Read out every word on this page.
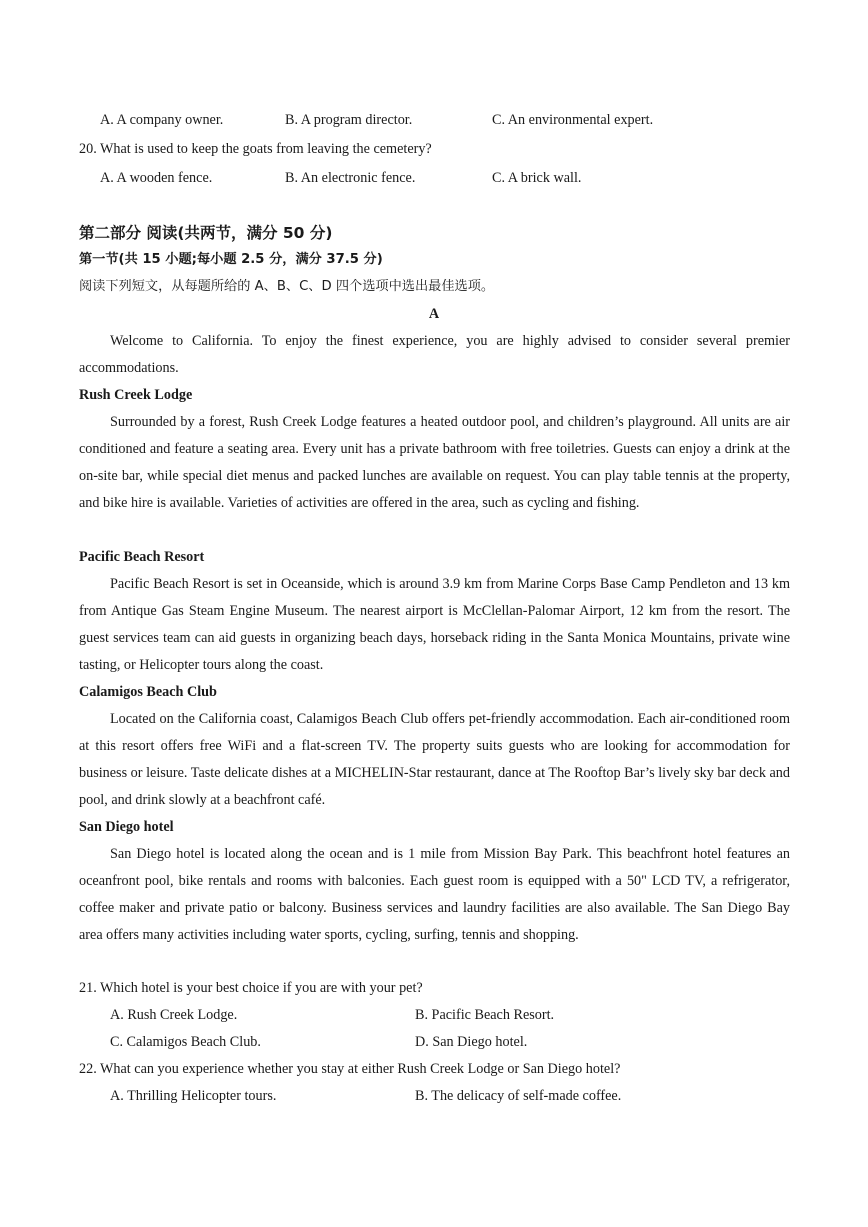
A. A company owner.	B. A program director.	C. An environmental expert.
20. What is used to keep the goats from leaving the cemetery?
A. A wooden fence.	B. An electronic fence.	C. A brick wall.
第二部分 阅读(共两节，满分 50 分)
第一节(共 15 小题;每小题 2.5 分，满分 37.5 分)
阅读下列短文，从每题所给的 A、B、C、D 四个选项中选出最佳选项。
A

Welcome to California. To enjoy the finest experience, you are highly advised to consider several premier accommodations.

Rush Creek Lodge

Surrounded by a forest, Rush Creek Lodge features a heated outdoor pool, and children’s playground. All units are air conditioned and feature a seating area. Every unit has a private bathroom with free toiletries. Guests can enjoy a drink at the on-site bar, while special diet menus and packed lunches are available on request. You can play table tennis at the property, and bike hire is available. Varieties of activities are offered in the area, such as cycling and fishing.

Pacific Beach Resort

Pacific Beach Resort is set in Oceanside, which is around 3.9 km from Marine Corps Base Camp Pendleton and 13 km from Antique Gas Steam Engine Museum. The nearest airport is McClellan-Palomar Airport, 12 km from the resort. The guest services team can aid guests in organizing beach days, horseback riding in the Santa Monica Mountains, private wine tasting, or Helicopter tours along the coast.

Calamigos Beach Club

Located on the California coast, Calamigos Beach Club offers pet-friendly accommodation. Each air-conditioned room at this resort offers free WiFi and a flat-screen TV. The property suits guests who are looking for accommodation for business or leisure. Taste delicate dishes at a MICHELIN-Star restaurant, dance at The Rooftop Bar’s lively sky bar deck and pool, and drink slowly at a beachfront café.

San Diego hotel

San Diego hotel is located along the ocean and is 1 mile from Mission Bay Park. This beachfront hotel features an oceanfront pool, bike rentals and rooms with balconies. Each guest room is equipped with a 50" LCD TV, a refrigerator, coffee maker and private patio or balcony. Business services and laundry facilities are also available. The San Diego Bay area offers many activities including water sports, cycling, surfing, tennis and shopping.

21. Which hotel is your best choice if you are with your pet?
A. Rush Creek Lodge.	B. Pacific Beach Resort.
C. Calamigos Beach Club.	D. San Diego hotel.
22. What can you experience whether you stay at either Rush Creek Lodge or San Diego hotel?
A. Thrilling Helicopter tours.	B. The delicacy of self-made coffee.
